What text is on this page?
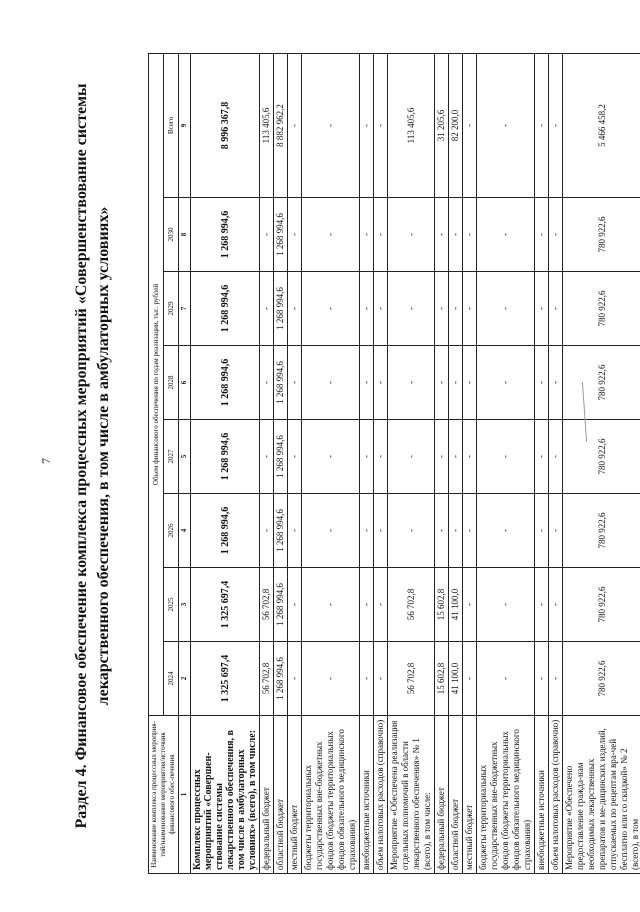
7 Раздел 4. Финансовое обеспечение комплекса процессных мероприятий «Совершенствование системы лекарственного обеспечения, в том числе в амбулаторных условиях»
Наименование комплекса процессных мероприя-тий/наименование мероприятия/источник финансового обес-печения	Объем финансового обеспечения по годам реализации, тыс. рублей							
	2024	2025	2026	2027	2028	2029	2030	Всего
1	2	3	4	5	6	7	8	9
Комплекс процессных мероприятий «Совершен-ствование системы лекарственного обеспечения, в том числе в амбулаторных условиях» (всего), в том числе:	1 325 697,4	1 325 697,4	1 268 994,6	1 268 994,6	1 268 994,6	1 268 994,6	1 268 994,6	8 996 367,8
федеральный бюджет	56 702,8	56 702,8	-	-	-	-	-	113 405,6
областной бюджет	1 268 994,6	1 268 994,6	1 268 994,6	1 268 994,6	1 268 994,6	1 268 994,6	1 268 994,6	8 882 962,2
местный бюджет	-	-	-	-	-	-	-	-
бюджеты территориальных государственных вне-бюджетных фондов (бюджеты территориальных фондов обязательного медицинского страхования)	-	-	-	-	-	-	-	-
внебюджетные источники	-	-	-	-	-	-	-	-
объем налоговых расходов (справочно)	-	-	-	-	-	-	-	-
Мероприятие «Обеспечена реализация отдельных полномочий в области лекарственного обеспечения» № 1 (всего), в том числе:	56 702,8	56 702,8	-	-	-	-	-	113 405,6
федеральный бюджет	15 602,8	15 602,8	-	-	-	-	-	31 205,6
областной бюджет	41 100,0	41 100,0	-	-	-	-	-	82 200,0
местный бюджет	-	-	-	-	-	-	-	-
бюджеты территориальных государственных вне-бюджетных фондов (бюджеты территориальных фондов обязательного медицинского страхования)	-	-	-	-	-	-	-	-
внебюджетные источники	-	-	-	-	-	-	-	-
объем налоговых расходов (справочно)	-	-	-	-	-	-	-	-
Мероприятие «Обеспечено предоставление гражда-нам необходимых лекарственных препаратов и ме-дицинских изделий, отпускаемых по рецептам вра-чей бесплатно или со скидкой» № 2 (всего), в том	780 922,6	780 922,6	780 922,6	780 922,6	780 922,6	780 922,6	780 922,6	5 466 458,2
